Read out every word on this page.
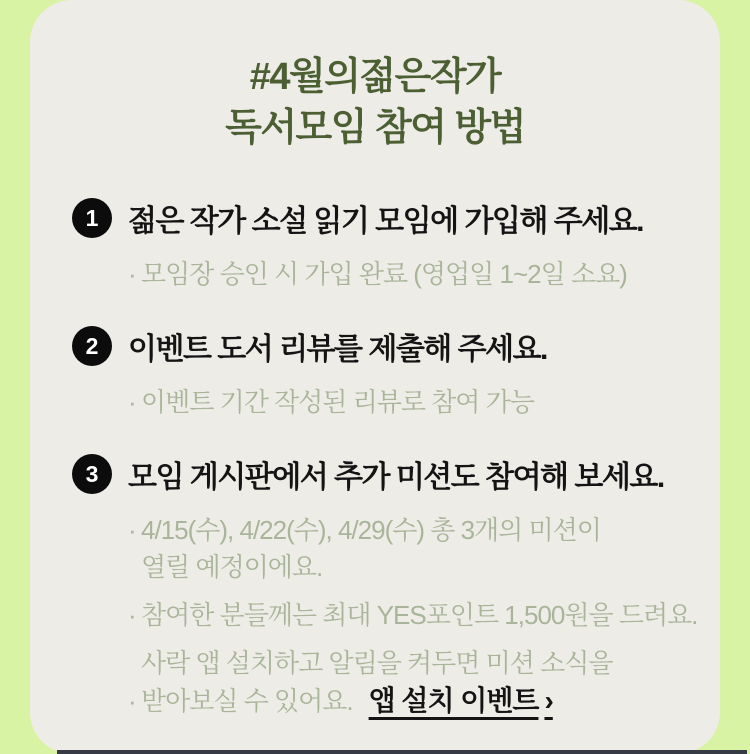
#4월의젊은작가
독서모임 참여 방법
1 젊은 작가 소설 읽기 모임에 가입해 주세요.
· 모임장 승인 시 가입 완료 (영업일 1~2일 소요)
2 이벤트 도서 리뷰를 제출해 주세요.
· 이벤트 기간 작성된 리뷰로 참여 가능
3 모임 게시판에서 추가 미션도 참여해 보세요.
· 4/15(수), 4/22(수), 4/29(수) 총 3개의 미션이
열릴 예정이에요.
· 참여한 분들께는 최대 YES포인트 1,500원을 드려요.
사락 앱 설치하고 알림을 켜두면 미션 소식을
· 받아보실 수 있어요. 앱 설치 이벤트 ›
